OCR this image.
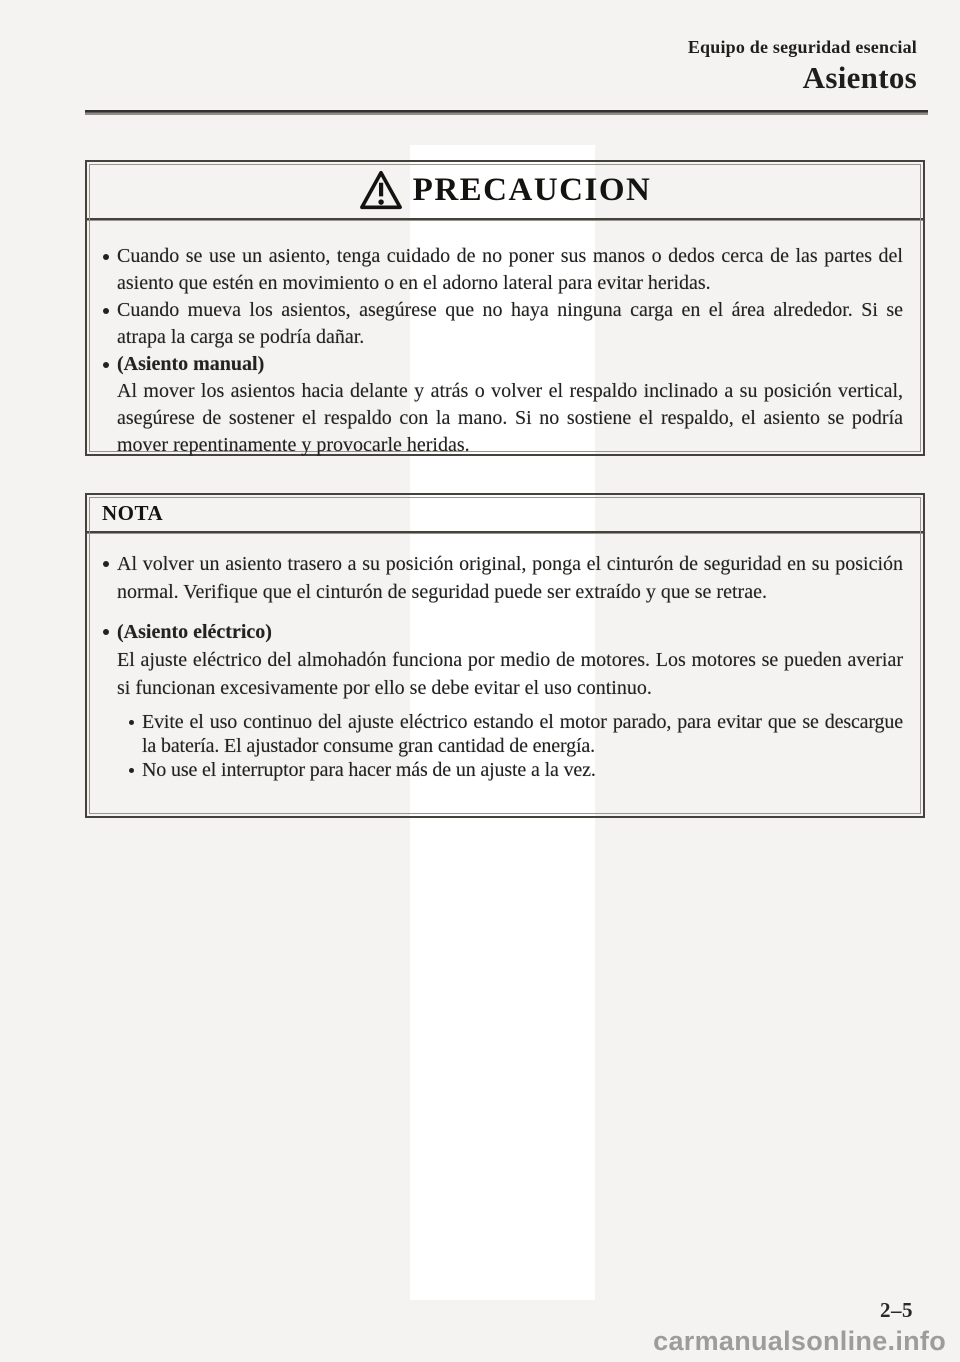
Equipo de seguridad esencial
Asientos
PRECAUCION

Cuando se use un asiento, tenga cuidado de no poner sus manos o dedos cerca de las partes del asiento que estén en movimiento o en el adorno lateral para evitar heridas.

Cuando mueva los asientos, asegúrese que no haya ninguna carga en el área alrededor. Si se atrapa la carga se podría dañar.

(Asiento manual)

Al mover los asientos hacia delante y atrás o volver el respaldo inclinado a su posición vertical, asegúrese de sostener el respaldo con la mano. Si no sostiene el respaldo, el asiento se podría mover repentinamente y provocarle heridas.

NOTA

Al volver un asiento trasero a su posición original, ponga el cinturón de seguridad en su posición normal. Verifique que el cinturón de seguridad puede ser extraído y que se retrae.

(Asiento eléctrico)

El ajuste eléctrico del almohadón funciona por medio de motores. Los motores se pueden averiar si funcionan excesivamente por ello se debe evitar el uso continuo.

Evite el uso continuo del ajuste eléctrico estando el motor parado, para evitar que se descargue la batería. El ajustador consume gran cantidad de energía.

No use el interruptor para hacer más de un ajuste a la vez.

2–5
carmanualsonline.info
